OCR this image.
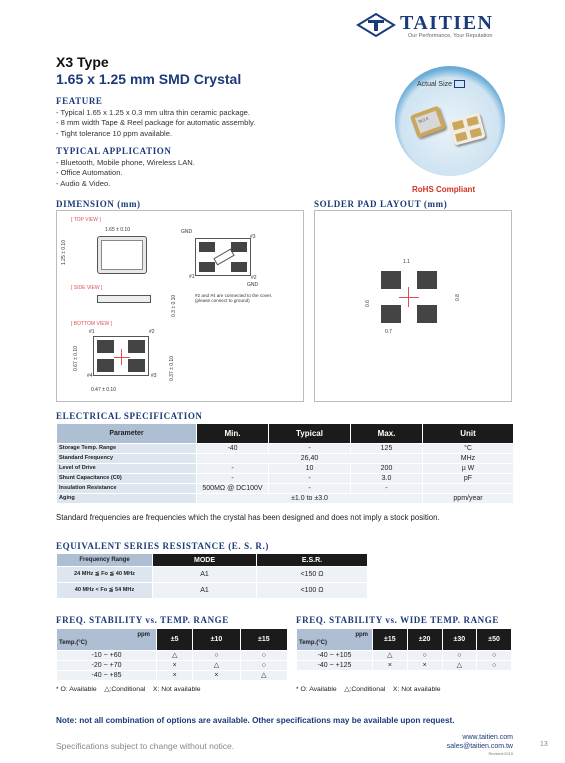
TAITIEN
Our Performance, Your Reputation
X3 Type
1.65 x 1.25 mm SMD Crystal	Actual Size
3K2.6
RoHS Compliant
FEATURE
- Typical 1.65 x 1.25 x 0.3 mm ultra thin ceramic package.
- 8 mm width Tape & Reel package for automatic assembly.
- Tight tolerance 10 ppm available.
TYPICAL APPLICATION
- Bluetooth, Mobile phone, Wireless LAN.
- Office Automation.
- Audio & Video.
DIMENSION (mm)
[ TOP VIEW ]
1.65 ± 0.10
1.25 ± 0.10
GND
#3
#1	#2
GND
#2 and #4 are connected to the cover.
(please connect to ground)
[ SIDE VIEW ]
0.3 ± 0.10
[ BOTTOM VIEW ]
#1	#2
#4	#3
0.67 ± 0.10	0.37 ± 0.10
0.47 ± 0.10
SOLDER PAD LAYOUT (mm)
1.1
0.8
0.6
0.7
ELECTRICAL SPECIFICATION
Parameter	Min.	Typical	Max.	Unit
Storage Temp. Range	-40	-	125	°C
Standard Frequency	26,40			MHz
Level of Drive	-	10	200	µ W
Shunt Capacitance (C0)	-	-	3.0	pF
Insulation Resistance	500MΩ @ DC100V	-	-	
Aging	±1.0 to ±3.0			ppm/year
Standard frequencies are frequencies which the crystal has been designed and does not imply a stock position.
EQUIVALENT SERIES RESISTANCE (E. S. R.)
Frequency Range	MODE	E.S.R.
24 MHz ≦ Fo ≦ 40 MHz	A1	<150 Ω
40 MHz < Fo ≦ 54 MHz	A1	<100 Ω
FREQ. STABILITY vs. TEMP. RANGE
ppm
Temp.(°C)	±5	±10	±15
-10 ~ +60	△	○	○
-20 ~ +70	×	△	○
-40 ~ +85	×	×	△
* O: Available    △:Conditional    X: Not available
FREQ. STABILITY vs. WIDE TEMP. RANGE
ppm
Temp.(°C)	±15	±20	±30	±50
-40 ~ +105	△	○	○	○
-40 ~ +125	×	×	△	○
* O: Available    △:Conditional    X: Not available
Note: not all combination of options are available. Other specifications may be available upon request.
Specifications subject to change without notice.
www.taitien.com
sales@taitien.com.tw
Revised:2019
13
